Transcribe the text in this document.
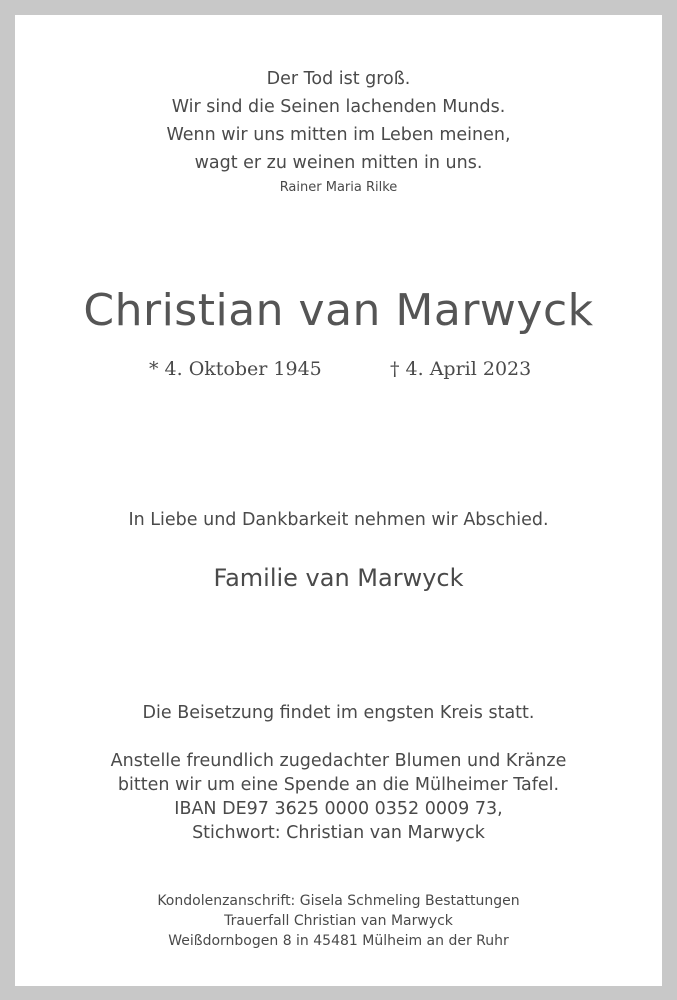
Der Tod ist groß.
Wir sind die Seinen lachenden Munds.
Wenn wir uns mitten im Leben meinen,
wagt er zu weinen mitten in uns.
Rainer Maria Rilke
Christian van Marwyck
* 4. Oktober 1945	† 4. April 2023
In Liebe und Dankbarkeit nehmen wir Abschied.
Familie van Marwyck
Die Beisetzung findet im engsten Kreis statt.
Anstelle freundlich zugedachter Blumen und Kränze
bitten wir um eine Spende an die Mülheimer Tafel.
IBAN DE97 3625 0000 0352 0009 73,
Stichwort: Christian van Marwyck
Kondolenzanschrift: Gisela Schmeling Bestattungen
Trauerfall Christian van Marwyck
Weißdornbogen 8 in 45481 Mülheim an der Ruhr
